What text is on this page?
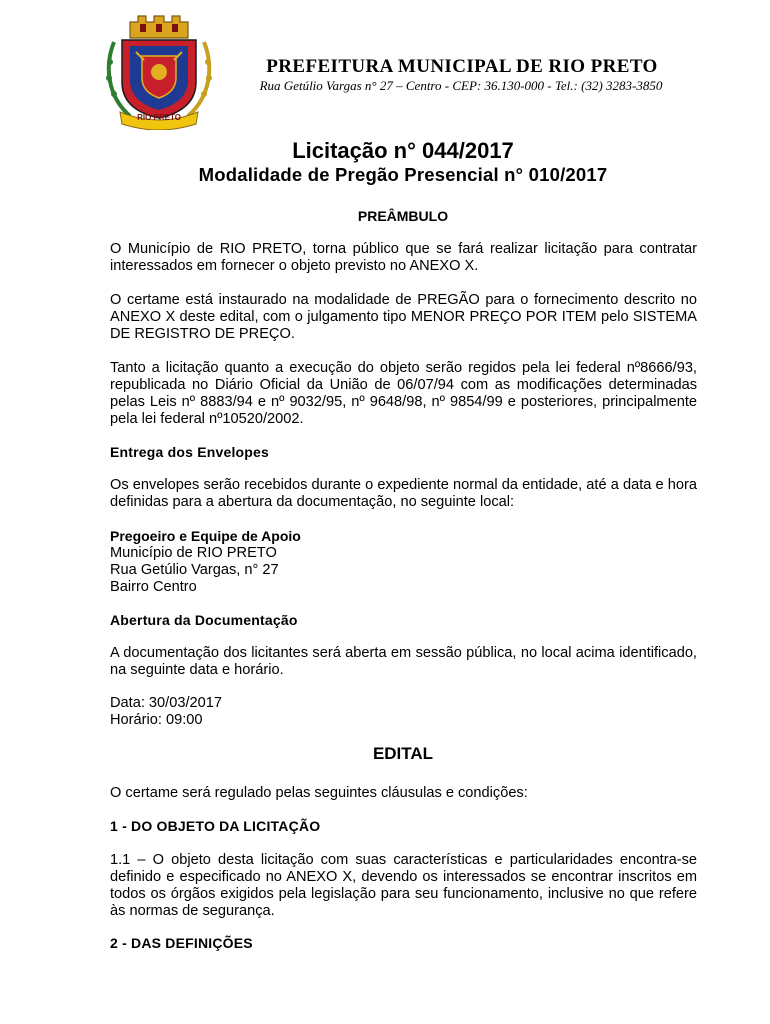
RIO PRETO
PREFEITURA MUNICIPAL DE RIO PRETO
Rua Getúlio Vargas n° 27 – Centro - CEP: 36.130-000 - Tel.: (32) 3283-3850
Licitação n° 044/2017
Modalidade de Pregão Presencial n° 010/2017
PREÂMBULO

O Município de RIO PRETO, torna público que se fará realizar licitação para contratar interessados em fornecer o objeto previsto no ANEXO X.

O certame está instaurado na modalidade de PREGÃO para o fornecimento descrito no ANEXO X deste edital, com o julgamento tipo MENOR PREÇO POR ITEM pelo SISTEMA DE REGISTRO DE PREÇO.

Tanto a licitação quanto a execução do objeto serão regidos pela lei federal nº8666/93, republicada no Diário Oficial da União de 06/07/94 com as modificações determinadas pelas Leis nº 8883/94 e nº 9032/95, nº 9648/98, nº 9854/99 e posteriores, principalmente pela lei federal nº10520/2002.

Entrega dos Envelopes

Os envelopes serão recebidos durante o expediente normal da entidade, até a data e hora definidas para a abertura da documentação, no seguinte local:

Pregoeiro e Equipe de Apoio

Município de RIO PRETO

Rua Getúlio Vargas, n° 27

Bairro Centro

Abertura da Documentação

A documentação dos licitantes será aberta em sessão pública, no local acima identificado, na seguinte data e horário.

Data: 30/03/2017

Horário: 09:00

EDITAL

O certame será regulado pelas seguintes cláusulas e condições:

1 - DO OBJETO DA LICITAÇÃO

1.1 – O objeto desta licitação com suas características e particularidades encontra-se definido e especificado no ANEXO X, devendo os interessados se encontrar inscritos em todos os órgãos exigidos pela legislação para seu funcionamento, inclusive no que refere às normas de segurança.

2 - DAS DEFINIÇÕES
